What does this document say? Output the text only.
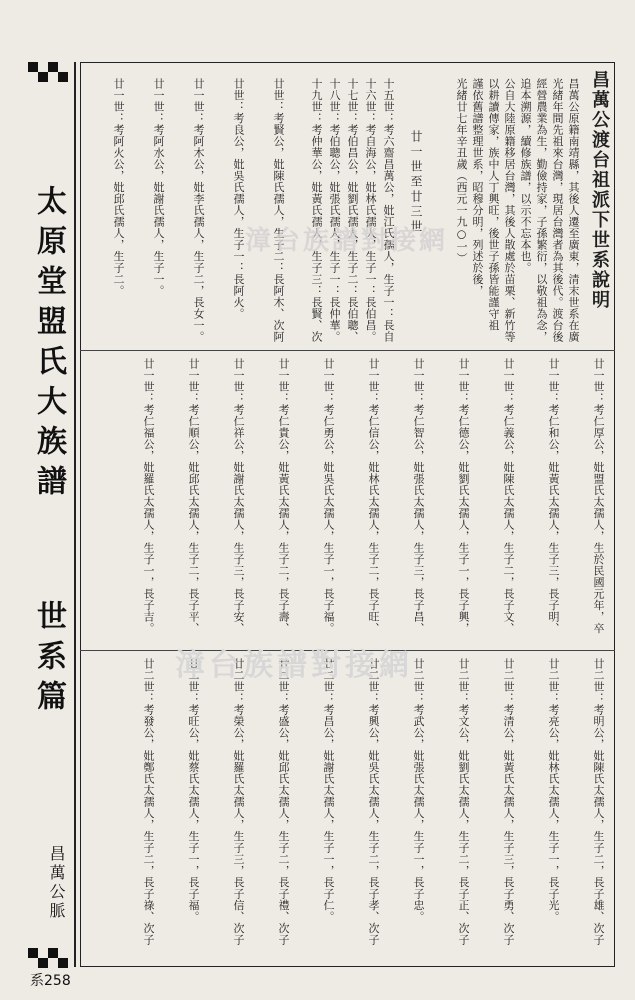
太原堂盟氏大族譜
世系篇
昌萬公脈
系258
昌萬公渡台祖派下世系說明
昌萬公原籍南靖縣，其後人遷至廣東，清末世系在廣
光緒年間先祖來台灣，現居台灣者為其後代。渡台後
經營農業為生，勤儉持家，子孫繁衍，以敬祖為念，
追本溯源，續修族譜，以示不忘本也。
公自大陸原籍移居台灣，其後人散處於苗栗、新竹等
以耕讀傳家，族中人丁興旺，後世子孫皆能謹守祖
謹依舊譜整理世系，昭穆分明，列述於後，
光緒廿七年辛丑歲（西元一九○一）
廿一世至廿三世
十五世：考六齋昌萬公，妣江氏孺人，生子一：長自
十六世：考自海公，妣林氏孺人，生子一：長伯昌。
十七世：考伯昌公，妣劉氏孺人，生子二：長伯聰、
十八世：考伯聰公，妣張氏孺人，生子一：長仲華。
十九世：考仲華公，妣黃氏孺人，生子三：長賢、次
廿世：考賢公，妣陳氏孺人，生子二：長阿木、次阿
廿世：考良公，妣吳氏孺人，生子一：長阿火。
廿一世：考阿木公，妣李氏孺人，生子二，長女一。
廿一世：考阿水公，妣謝氏孺人，生子一。
廿一世：考阿火公，妣邱氏孺人，生子二。
廿一世：考仁厚公，妣盟氏太孺人，生於民國元年，卒
廿一世：考仁和公，妣黃氏太孺人，生子三，長子明、
廿一世：考仁義公，妣陳氏太孺人，生子二，長子文、
廿一世：考仁德公，妣劉氏太孺人，生子一，長子興，
廿一世：考仁智公，妣張氏太孺人，生子三，長子昌、
廿一世：考仁信公，妣林氏太孺人，生子二，長子旺、
廿一世：考仁勇公，妣吳氏太孺人，生子一，長子福。
廿一世：考仁貴公，妣黃氏太孺人，生子二，長子壽、
廿一世：考仁祥公，妣謝氏太孺人，生子三，長子安、
廿一世：考仁順公，妣邱氏太孺人，生子二，長子平、
廿一世：考仁福公，妣羅氏太孺人，生子一，長子吉。
廿二世：考明公，妣陳氏太孺人，生子二，長子雄、次子
廿二世：考亮公，妣林氏太孺人，生子一，長子光。
廿二世：考清公，妣黃氏太孺人，生子三，長子勇、次子
廿二世：考文公，妣劉氏太孺人，生子二，長子正、次子
廿二世：考武公，妣張氏太孺人，生子一，長子忠。
廿二世：考興公，妣吳氏太孺人，生子二，長子孝、次子
廿二世：考昌公，妣謝氏太孺人，生子一，長子仁。
廿二世：考盛公，妣邱氏太孺人，生子二，長子禮、次子
廿二世：考榮公，妣羅氏太孺人，生子三，長子信、次子
廿二世：考旺公，妣蔡氏太孺人，生子一，長子福。
廿二世：考發公，妣鄭氏太孺人，生子二，長子祿、次子
漳台族譜對接網
漳台族譜對接網
